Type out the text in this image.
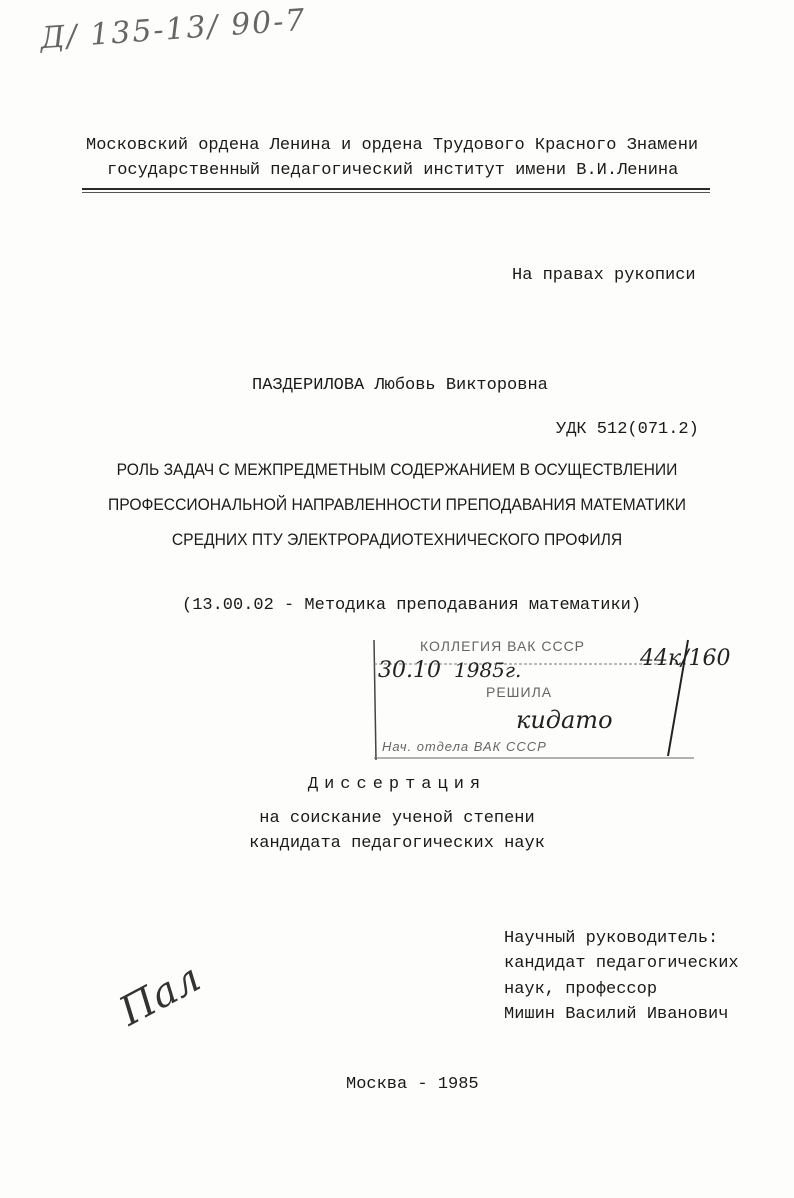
Д/ 135-13/ 90-7
Московский ордена Ленина и ордена Трудового Красного Знамени
государственный педагогический институт имени В.И.Ленина
На правах рукописи
ПАЗДЕРИЛОВА Любовь Викторовна
УДК 512(071.2)
РОЛЬ ЗАДАЧ С МЕЖПРЕДМЕТНЫМ СОДЕРЖАНИЕМ В ОСУЩЕСТВЛЕНИИ
ПРОФЕССИОНАЛЬНОЙ НАПРАВЛЕННОСТИ ПРЕПОДАВАНИЯ МАТЕМАТИКИ
СРЕДНИХ ПТУ ЭЛЕКТРОРАДИОТЕХНИЧЕСКОГО ПРОФИЛЯ
(13.00.02 - Методика преподавания математики)
КОЛЛЕГИЯ ВАК СССР
30.10 1985г.	44к/160
РЕШИЛА
кидато
Нач. отдела ВАК СССР
Диссертация
на соискание ученой степени
кандидата педагогических наук
Научный руководитель:
кандидат педагогических
наук, профессор
Мишин Василий Иванович
Пал
Москва - 1985
